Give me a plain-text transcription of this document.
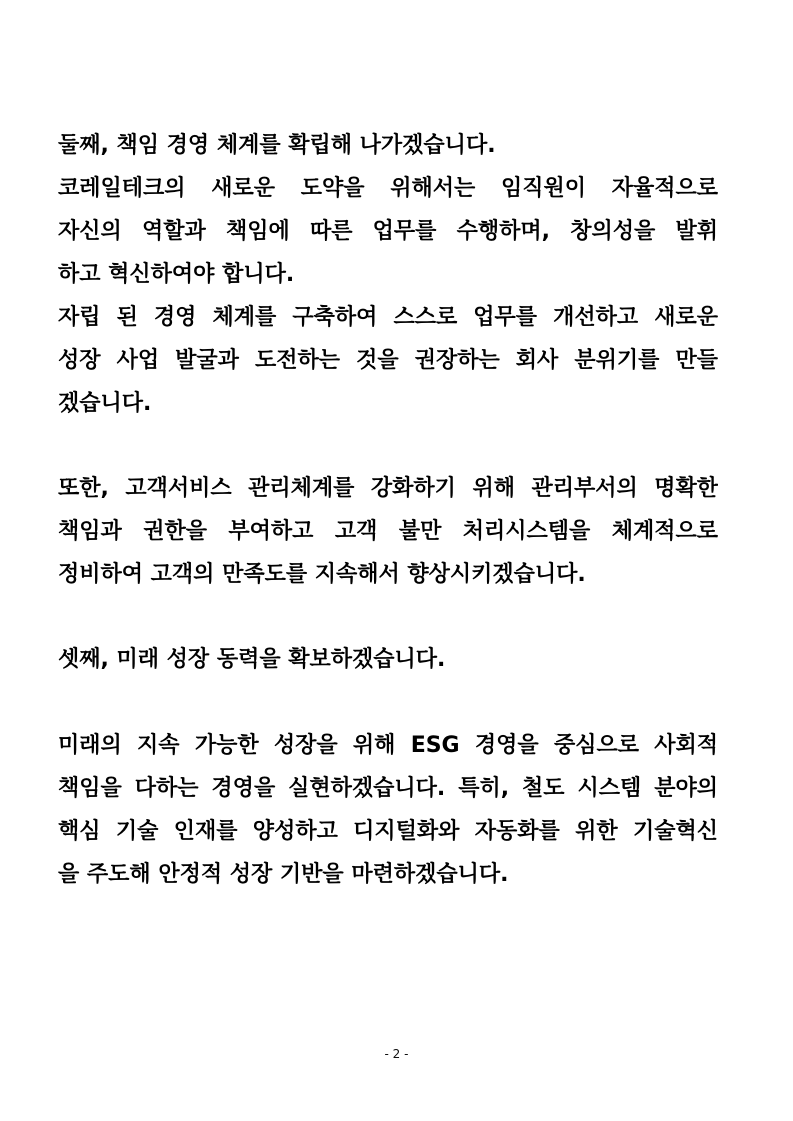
둘째, 책임 경영 체계를 확립해 나가겠습니다.
코레일테크의 새로운 도약을 위해서는 임직원이 자율적으로
자신의 역할과 책임에 따른 업무를 수행하며, 창의성을 발휘
하고 혁신하여야 합니다.
자립 된 경영 체계를 구축하여 스스로 업무를 개선하고 새로운
성장 사업 발굴과 도전하는 것을 권장하는 회사 분위기를 만들
겠습니다.
또한, 고객서비스 관리체계를 강화하기 위해 관리부서의 명확한
책임과 권한을 부여하고 고객 불만 처리시스템을 체계적으로
정비하여 고객의 만족도를 지속해서 향상시키겠습니다.
셋째, 미래 성장 동력을 확보하겠습니다.
미래의 지속 가능한 성장을 위해 ESG 경영을 중심으로 사회적
책임을 다하는 경영을 실현하겠습니다. 특히, 철도 시스템 분야의
핵심 기술 인재를 양성하고 디지털화와 자동화를 위한 기술혁신
을 주도해 안정적 성장 기반을 마련하겠습니다.
- 2 -
